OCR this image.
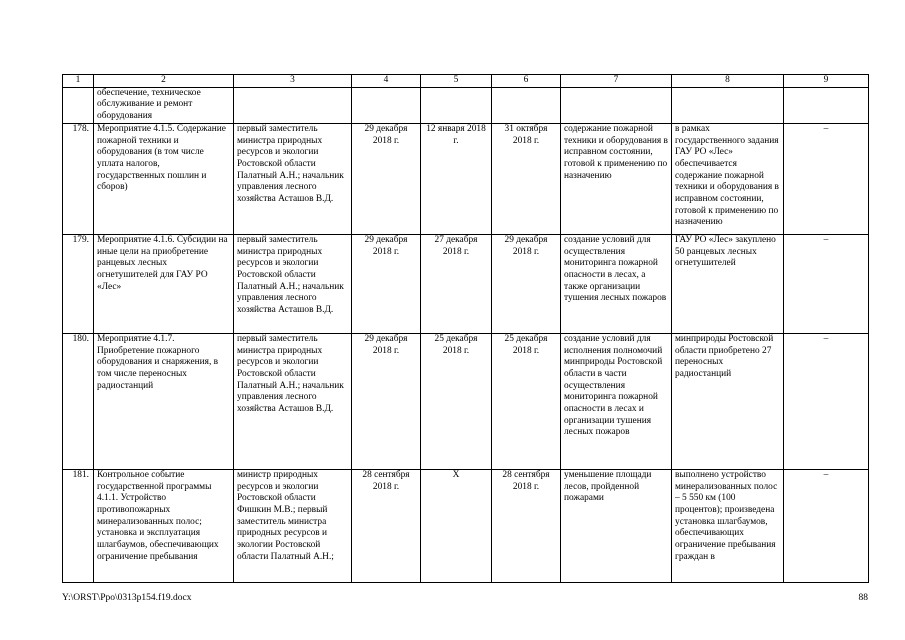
1	2	3	4	5	6	7	8	9
	обеспечение, техническое обслуживание и ремонт оборудования							
178.	Мероприятие 4.1.5. Содержание пожарной техники и оборудования (в том числе уплата налогов, государственных пошлин и сборов)	первый заместитель министра природных ресурсов и экологии Ростовской области Палатный А.Н.; начальник управления лесного хозяйства Асташов В.Д.	29 декабря 2018 г.	12 января 2018 г.	31 октября 2018 г.	содержание пожарной техники и оборудования в исправном состоянии, готовой к применению по назначению	в рамках государственного задания ГАУ РО «Лес» обеспечивается содержание пожарной техники и оборудования в исправном состоянии, готовой к применению по назначению	–
179.	Мероприятие 4.1.6. Субсидии на иные цели на приобретение ранцевых лесных огнетушителей для ГАУ РО «Лес»	первый заместитель министра природных ресурсов и экологии Ростовской области Палатный А.Н.; начальник управления лесного хозяйства Асташов В.Д.	29 декабря 2018 г.	27 декабря 2018 г.	29 декабря 2018 г.	создание условий для осуществления мониторинга пожарной опасности в лесах, а также организации тушения лесных пожаров	ГАУ РО «Лес» закуплено 50 ранцевых лесных огнетушителей	–
180.	Мероприятие 4.1.7. Приобретение пожарного оборудования и снаряжения, в том числе переносных радиостанций	первый заместитель министра природных ресурсов и экологии Ростовской области Палатный А.Н.; начальник управления лесного хозяйства Асташов В.Д.	29 декабря 2018 г.	25 декабря 2018 г.	25 декабря 2018 г.	создание условий для исполнения полномочий минприроды Ростовской области в части осуществления мониторинга пожарной опасности в лесах и организации тушения лесных пожаров	минприроды Ростовской области приобретено 27 переносных радиостанций	–
181.	Контрольное событие государственной программы 4.1.1. Устройство противопожарных минерализованных полос; установка и эксплуатация шлагбаумов, обеспечивающих ограничение пребывания	министр природных ресурсов и экологии Ростовской области Фишкин М.В.; первый заместитель министра природных ресурсов и экологии Ростовской области Палатный А.Н.;	28 сентября 2018 г.	X	28 сентября 2018 г.	уменьшение площади лесов, пройденной пожарами	выполнено устройство минерализованных полос – 5 550 км (100 процентов); произведена установка шлагбаумов, обеспечивающих ограничение пребывания граждан в	–
Y:\ORST\Ppo\0313p154.f19.docx	88
